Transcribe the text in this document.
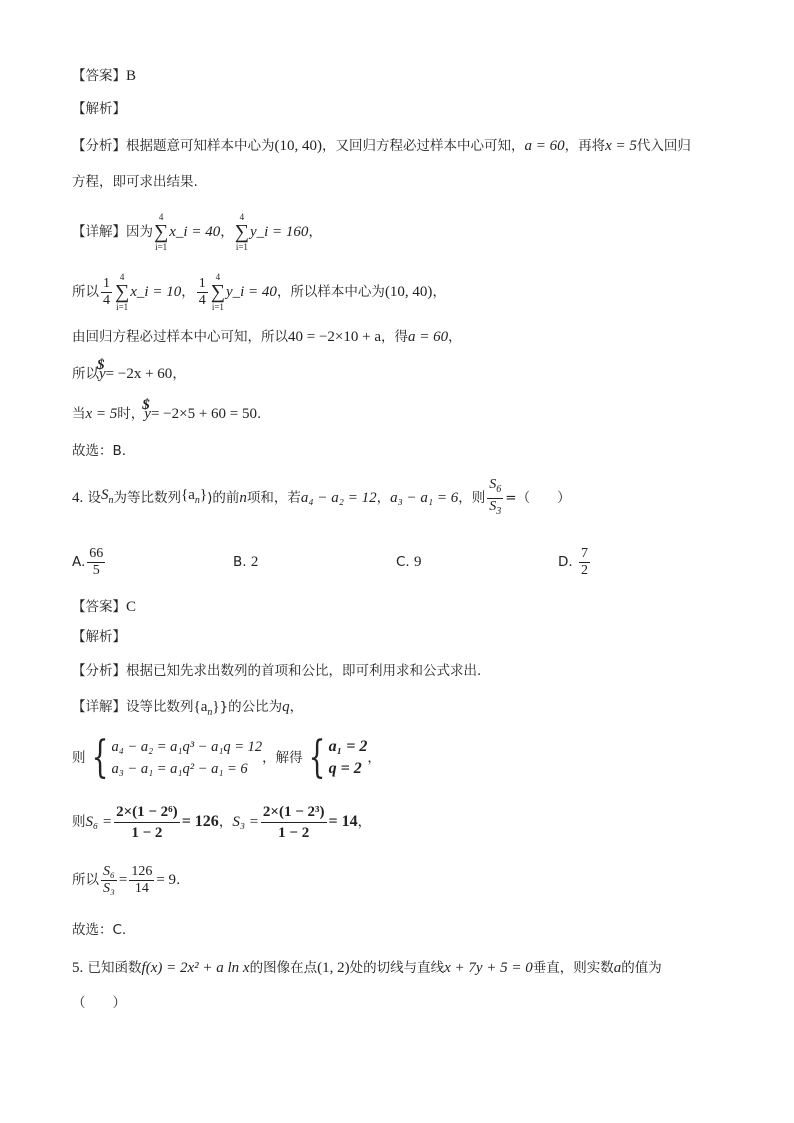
【答案】B
【解析】
【分析】根据题意可知样本中心为(10, 40)，又回归方程必过样本中心可知，a = 60，再将x = 5代入回归
方程，即可求出结果.
【详解】 因为
4
∑
i=1
x_i = 40 ，
4
∑
i=1
y_i = 160 ，
所以 $\frac{1}{4} 4$
∑
i=1
x_i = 10 ， $\frac{1}{4} 4$
∑
i=1
y_i = 40 ，所以样本中心为 (10, 40) ，
由回归方程必过样本中心可知，所以40 = −2×10 + a，得a = 60，
所以$ y= −2x + 60，
当x = 5时，$ y= −2×5 + 60 = 50.
故选：B.
4.
设 $S_n$ 为等比数列 $\{a_n\}$ )的前 n 项和，若 a₄ − a₂ = 12 ， a₃ − a₁ = 6 ，则 $\frac{S_6}{S_3}$ =（　　）
A. $\frac{66}{5}$	B. 2	C. 9	D.
$\frac{7}{2}$
【答案】C
【解析】
【分析】根据已知先求出数列的首项和公比，即可利用求和公式求出.
【详解】设等比数列$\{a_n\}$}的公比为q，
则 { a₄ − a₂ = a₁q³ − a₁q = 12
a₃ − a₁ = a₁q² − a₁ = 6
，解得 { a₁ = 2
q = 2
，
则 $S_6 = \frac{\text{2×(1 − 2⁶)}}{1 - 2} = 126$ ， $S_3 = \frac{\text{2×(1 − 2³)}}{1 - 2} = 14$ ，
所以 $\frac{\text{S₆}}{\text{S₃}} = \frac{126}{14} = 9$ .
故选：C.
5. 已知函数f(x) = 2x² + a ln x的图像在点(1, 2)处的切线与直线x + 7y + 5 = 0垂直，则实数a的值为
（　　）
